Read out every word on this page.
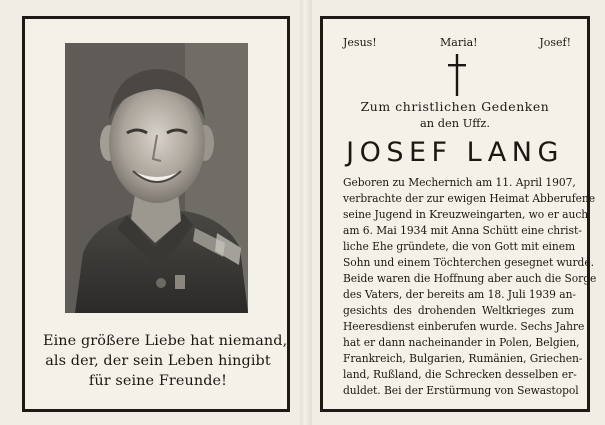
Eine größere Liebe hat niemand,
als der, der sein Leben hingibt
für seine Freunde!
Jesus!	Maria!	Josef!
Zum christlichen Gedenken
an den Uffz.
JOSEF LANG
Geboren zu Mechernich am 11. April 1907,
verbrachte der zur ewigen Heimat Abberufene
seine Jugend in Kreuzweingarten, wo er auch
am 6. Mai 1934 mit Anna Schütt eine christ-
liche Ehe gründete, die von Gott mit einem
Sohn und einem Töchterchen gesegnet wurde.
Beide waren die Hoffnung aber auch die Sorge
des Vaters, der bereits am 18. Juli 1939 an-
gesichts des drohenden Weltkrieges zum
Heeresdienst einberufen wurde. Sechs Jahre
hat er dann nacheinander in Polen, Belgien,
Frankreich, Bulgarien, Rumänien, Griechen-
land, Rußland, die Schrecken desselben er-
duldet. Bei der Erstürmung von Sewastopol
